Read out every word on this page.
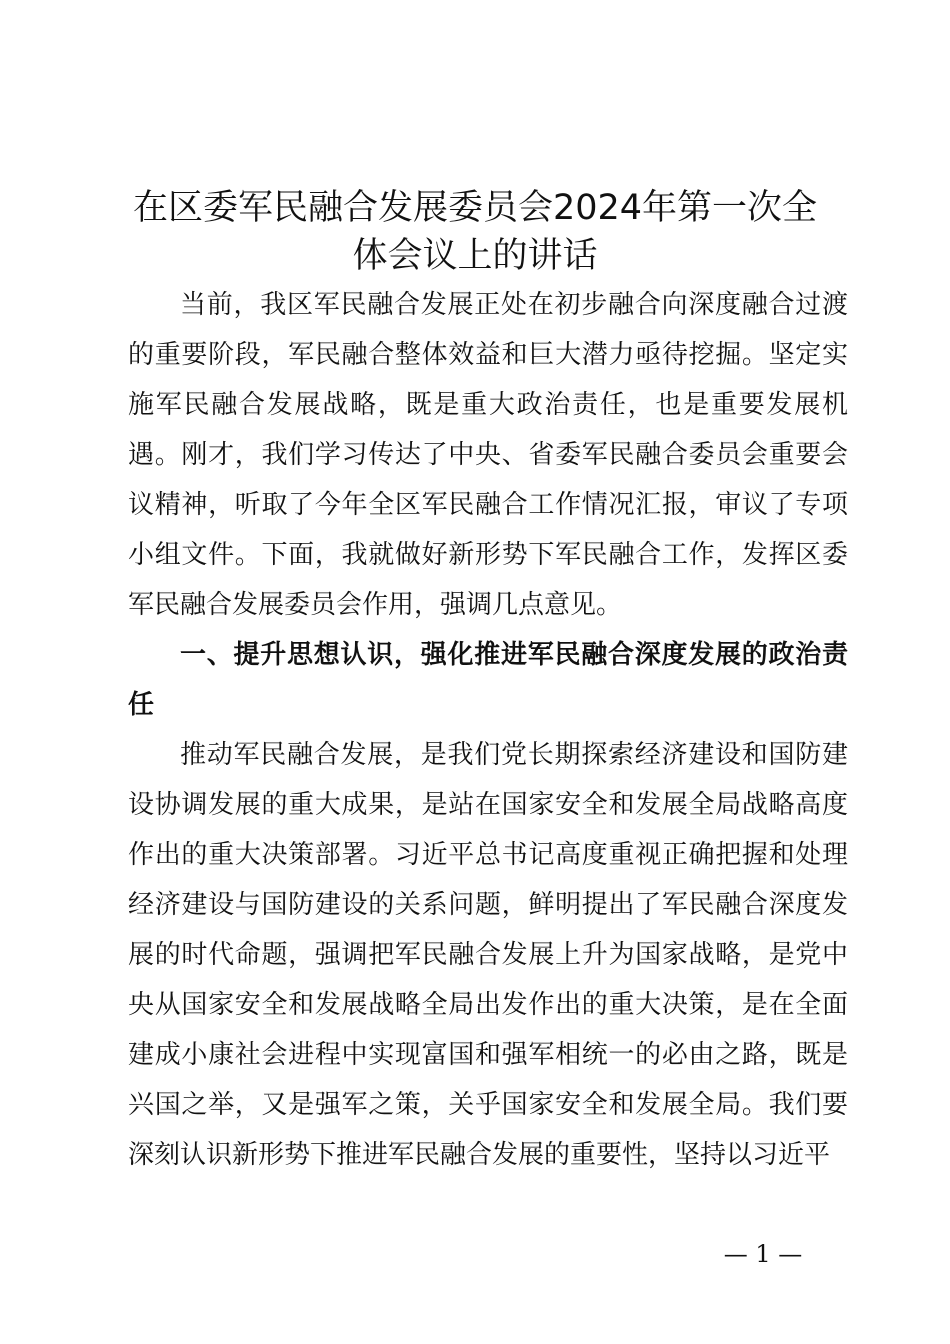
在区委军民融合发展委员会2024年第一次全
体会议上的讲话

当前，我区军民融合发展正处在初步融合向深度融合过渡的重要阶段，军民融合整体效益和巨大潜力亟待挖掘。坚定实施军民融合发展战略，既是重大政治责任，也是重要发展机遇。刚才，我们学习传达了中央、省委军民融合委员会重要会议精神，听取了今年全区军民融合工作情况汇报，审议了专项小组文件。下面，我就做好新形势下军民融合工作，发挥区委军民融合发展委员会作用，强调几点意见。

一、提升思想认识，强化推进军民融合深度发展的政治责任

推动军民融合发展，是我们党长期探索经济建设和国防建设协调发展的重大成果，是站在国家安全和发展全局战略高度作出的重大决策部署。习近平总书记高度重视正确把握和处理经济建设与国防建设的关系问题，鲜明提出了军民融合深度发展的时代命题，强调把军民融合发展上升为国家战略，是党中央从国家安全和发展战略全局出发作出的重大决策，是在全面建成小康社会进程中实现富国和强军相统一的必由之路，既是兴国之举，又是强军之策，关乎国家安全和发展全局。我们要深刻认识新形势下推进军民融合发展的重要性，坚持以习近平

— 1 —
